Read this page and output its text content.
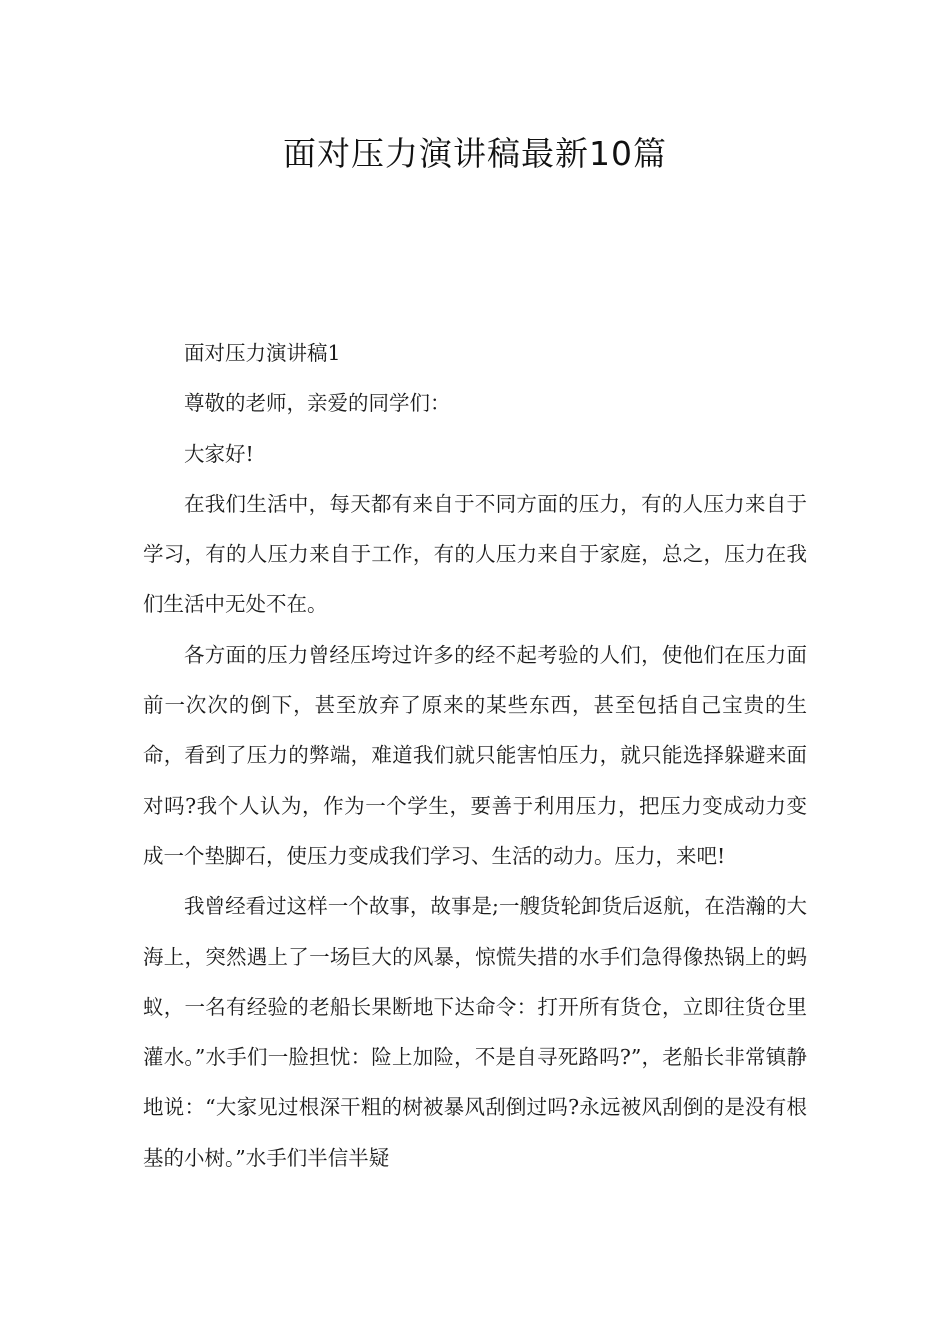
面对压力演讲稿最新10篇

面对压力演讲稿1

尊敬的老师，亲爱的同学们：

大家好!

在我们生活中，每天都有来自于不同方面的压力，有的人压力来自于学习，有的人压力来自于工作，有的人压力来自于家庭，总之，压力在我们生活中无处不在。

各方面的压力曾经压垮过许多的经不起考验的人们，使他们在压力面前一次次的倒下，甚至放弃了原来的某些东西，甚至包括自己宝贵的生命，看到了压力的弊端，难道我们就只能害怕压力，就只能选择躲避来面对吗?我个人认为，作为一个学生，要善于利用压力，把压力变成动力变成一个垫脚石，使压力变成我们学习、生活的动力。压力，来吧!

我曾经看过这样一个故事，故事是;一艘货轮卸货后返航，在浩瀚的大海上，突然遇上了一场巨大的风暴，惊慌失措的水手们急得像热锅上的蚂蚁，一名有经验的老船长果断地下达命令：打开所有货仓，立即往货仓里灌水。”水手们一脸担忧：险上加险，不是自寻死路吗?”，老船长非常镇静地说：“大家见过根深干粗的树被暴风刮倒过吗?永远被风刮倒的是没有根基的小树。”水手们半信半疑
